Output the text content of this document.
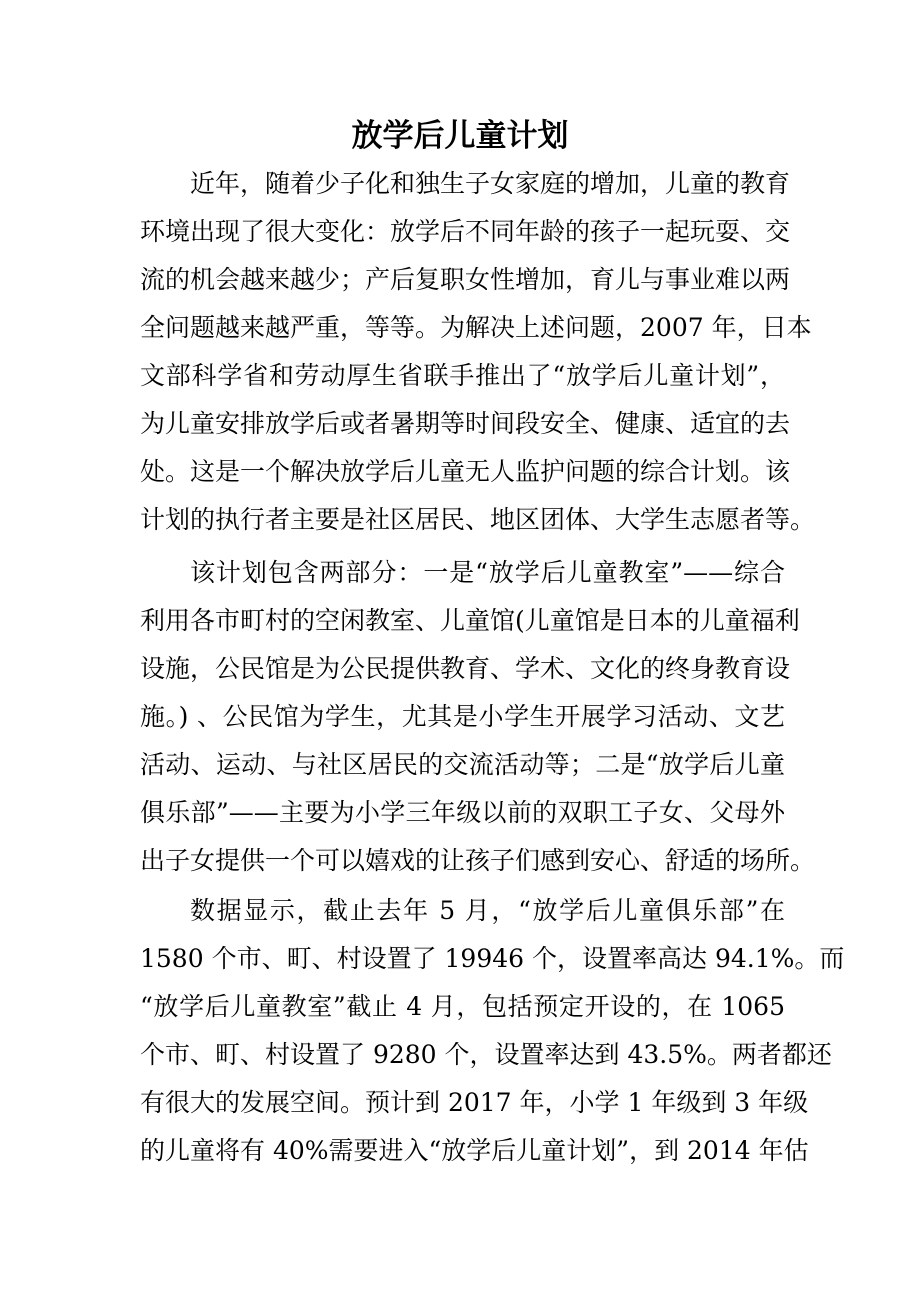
放学后儿童计划
近年，随着少子化和独生子女家庭的增加，儿童的教育
环境出现了很大变化：放学后不同年龄的孩子一起玩耍、交
流的机会越来越少；产后复职女性增加，育儿与事业难以两
全问题越来越严重，等等。为解决上述问题，2007 年，日本
文部科学省和劳动厚生省联手推出了“放学后儿童计划”，
为儿童安排放学后或者暑期等时间段安全、健康、适宜的去
处。这是一个解决放学后儿童无人监护问题的综合计划。该
计划的执行者主要是社区居民、地区团体、大学生志愿者等。
该计划包含两部分：一是“放学后儿童教室”——综合
利用各市町村的空闲教室、儿童馆(儿童馆是日本的儿童福利
设施，公民馆是为公民提供教育、学术、文化的终身教育设
施。) 、公民馆为学生，尤其是小学生开展学习活动、文艺
活动、运动、与社区居民的交流活动等；二是“放学后儿童
俱乐部”——主要为小学三年级以前的双职工子女、父母外
出子女提供一个可以嬉戏的让孩子们感到安心、舒适的场所。
数据显示，截止去年 5 月，“放学后儿童俱乐部”在
1580 个市、町、村设置了 19946 个，设置率高达 94.1%。而
“放学后儿童教室”截止 4 月，包括预定开设的，在 1065
个市、町、村设置了 9280 个，设置率达到 43.5%。两者都还
有很大的发展空间。预计到 2017 年，小学 1 年级到 3 年级
的儿童将有 40%需要进入“放学后儿童计划”，到 2014 年估
